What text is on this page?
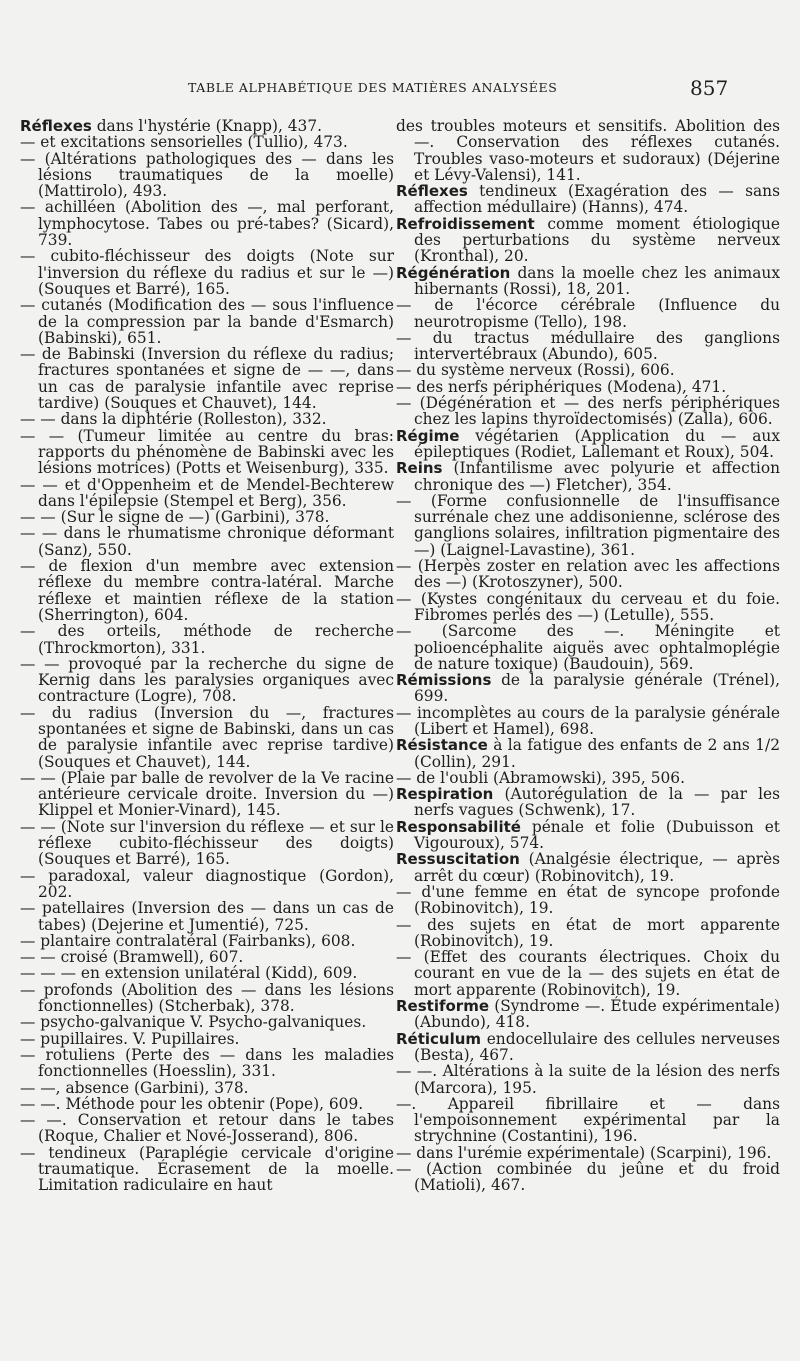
TABLE ALPHABÉTIQUE DES MATIÈRES ANALYSÉES	857

Réflexes dans l'hystérie (Knapp), 437.

— et excitations sensorielles (Tullio), 473.

— (Altérations pathologiques des — dans les lésions traumatiques de la moelle) (Mattirolo), 493.

— achilléen (Abolition des —, mal perforant, lymphocytose. Tabes ou pré-tabes? (Sicard), 739.

— cubito-fléchisseur des doigts (Note sur l'inversion du réflexe du radius et sur le —) (Souques et Barré), 165.

— cutanés (Modification des — sous l'influence de la compression par la bande d'Esmarch) (Babinski), 651.

— de Babinski (Inversion du réflexe du radius; fractures spontanées et signe de — —, dans un cas de paralysie infantile avec reprise tardive) (Souques et Chauvet), 144.

— — dans la diphtérie (Rolleston), 332.

— — (Tumeur limitée au centre du bras: rapports du phénomène de Babinski avec les lésions motrices) (Potts et Weisenburg), 335.

— — et d'Oppenheim et de Mendel-Bechterew dans l'épilepsie (Stempel et Berg), 356.

— — (Sur le signe de —) (Garbini), 378.

— — dans le rhumatisme chronique déformant (Sanz), 550.

— de flexion d'un membre avec extension réflexe du membre contra-latéral. Marche réflexe et maintien réflexe de la station (Sherrington), 604.

— des orteils, méthode de recherche (Throckmorton), 331.

— — provoqué par la recherche du signe de Kernig dans les paralysies organiques avec contracture (Logre), 708.

— du radius (Inversion du —, fractures spontanées et signe de Babinski, dans un cas de paralysie infantile avec reprise tardive) (Souques et Chauvet), 144.

— — (Plaie par balle de revolver de la Ve racine antérieure cervicale droite. Inversion du —) Klippel et Monier-Vinard), 145.

— — (Note sur l'inversion du réflexe — et sur le réflexe cubito-fléchisseur des doigts) (Souques et Barré), 165.

— paradoxal, valeur diagnostique (Gordon), 202.

— patellaires (Inversion des — dans un cas de tabes) (Dejerine et Jumentié), 725.

— plantaire contralatéral (Fairbanks), 608.

— — croisé (Bramwell), 607.

— — — en extension unilatéral (Kidd), 609.

— profonds (Abolition des — dans les lésions fonctionnelles) (Stcherbak), 378.

— psycho-galvanique V. Psycho-galvaniques.

— pupillaires. V. Pupillaires.

— rotuliens (Perte des — dans les maladies fonctionnelles (Hoesslin), 331.

— —, absence (Garbini), 378.

— —. Méthode pour les obtenir (Pope), 609.

— —. Conservation et retour dans le tabes (Roque, Chalier et Nové-Josserand), 806.

— tendineux (Paraplégie cervicale d'origine traumatique. Écrasement de la moelle. Limitation radiculaire en haut

des troubles moteurs et sensitifs. Abolition des —. Conservation des réflexes cutanés. Troubles vaso-moteurs et sudoraux) (Déjerine et Lévy-Valensi), 141.

Réflexes tendineux (Exagération des — sans affection médullaire) (Hanns), 474.

Refroidissement comme moment étiologique des perturbations du système nerveux (Kronthal), 20.

Régénération dans la moelle chez les animaux hibernants (Rossi), 18, 201.

— de l'écorce cérébrale (Influence du neurotropisme (Tello), 198.

— du tractus médullaire des ganglions intervertébraux (Abundo), 605.

— du système nerveux (Rossi), 606.

— des nerfs périphériques (Modena), 471.

— (Dégénération et — des nerfs périphériques chez les lapins thyroïdectomisés) (Zalla), 606.

Régime végétarien (Application du — aux épileptiques (Rodiet, Lallemant et Roux), 504.

Reins (Infantilisme avec polyurie et affection chronique des —) Fletcher), 354.

— (Forme confusionnelle de l'insuffisance surrénale chez une addisonienne, sclérose des ganglions solaires, infiltration pigmentaire des —) (Laignel-Lavastine), 361.

— (Herpès zoster en relation avec les affections des —) (Krotoszyner), 500.

— (Kystes congénitaux du cerveau et du foie. Fibromes perlés des —) (Letulle), 555.

— (Sarcome des —. Méningite et polioencéphalite aiguës avec ophtalmoplégie de nature toxique) (Baudouin), 569.

Rémissions de la paralysie générale (Trénel), 699.

— incomplètes au cours de la paralysie générale (Libert et Hamel), 698.

Résistance à la fatigue des enfants de 2 ans 1/2 (Collin), 291.

— de l'oubli (Abramowski), 395, 506.

Respiration (Autorégulation de la — par les nerfs vagues (Schwenk), 17.

Responsabilité pénale et folie (Dubuisson et Vigouroux), 574.

Ressuscitation (Analgésie électrique, — après arrêt du cœur) (Robinovitch), 19.

— d'une femme en état de syncope profonde (Robinovitch), 19.

— des sujets en état de mort apparente (Robinovitch), 19.

— (Effet des courants électriques. Choix du courant en vue de la — des sujets en état de mort apparente (Robinovitch), 19.

Restiforme (Syndrome —. Étude expérimentale) (Abundo), 418.

Réticulum endocellulaire des cellules nerveuses (Besta), 467.

— —. Altérations à la suite de la lésion des nerfs (Marcora), 195.

—. Appareil fibrillaire et — dans l'empoisonnement expérimental par la strychnine (Costantini), 196.

— dans l'urémie expérimentale) (Scarpini), 196.

— (Action combinée du jeûne et du froid (Matioli), 467.
